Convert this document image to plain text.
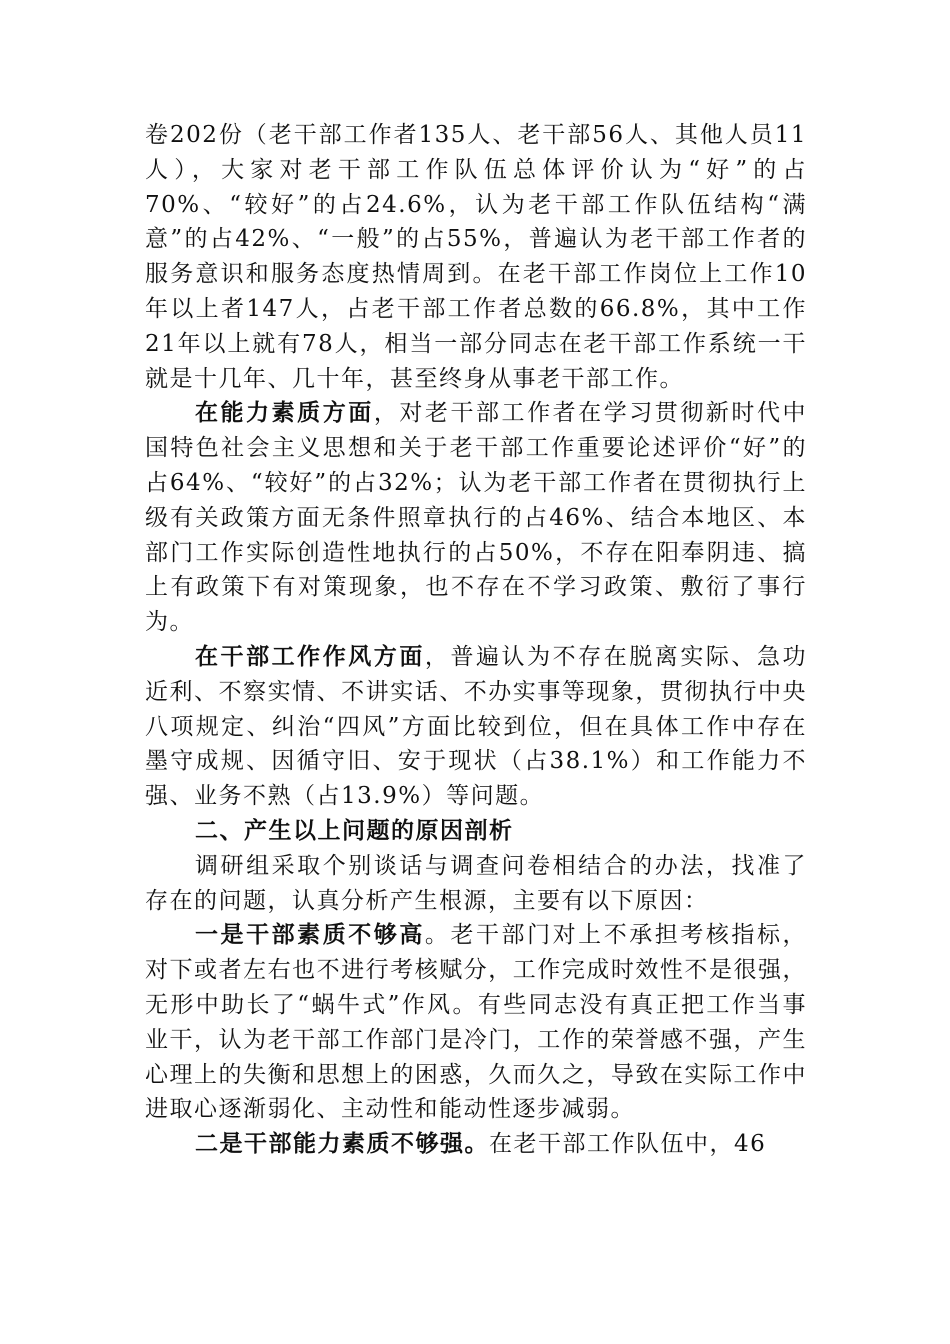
卷202份（老干部工作者135人、老干部56人、其他人员11人），大家对老干部工作队伍总体评价认为“好”的占70%、“较好”的占24.6%，认为老干部工作队伍结构“满意”的占42%、“一般”的占55%，普遍认为老干部工作者的服务意识和服务态度热情周到。在老干部工作岗位上工作10年以上者147人，占老干部工作者总数的66.8%，其中工作21年以上就有78人，相当一部分同志在老干部工作系统一干就是十几年、几十年，甚至终身从事老干部工作。

在能力素质方面，对老干部工作者在学习贯彻新时代中国特色社会主义思想和关于老干部工作重要论述评价“好”的占64%、“较好”的占32%；认为老干部工作者在贯彻执行上级有关政策方面无条件照章执行的占46%、结合本地区、本部门工作实际创造性地执行的占50%，不存在阳奉阴违、搞上有政策下有对策现象，也不存在不学习政策、敷衍了事行为。

在干部工作作风方面，普遍认为不存在脱离实际、急功近利、不察实情、不讲实话、不办实事等现象，贯彻执行中央八项规定、纠治“四风”方面比较到位，但在具体工作中存在墨守成规、因循守旧、安于现状（占38.1%）和工作能力不强、业务不熟（占13.9%）等问题。

二、产生以上问题的原因剖析

调研组采取个别谈话与调查问卷相结合的办法，找准了存在的问题，认真分析产生根源，主要有以下原因：

一是干部素质不够高。老干部门对上不承担考核指标，对下或者左右也不进行考核赋分，工作完成时效性不是很强，无形中助长了“蜗牛式”作风。有些同志没有真正把工作当事业干，认为老干部工作部门是冷门，工作的荣誉感不强，产生心理上的失衡和思想上的困惑，久而久之，导致在实际工作中进取心逐渐弱化、主动性和能动性逐步减弱。

二是干部能力素质不够强。在老干部工作队伍中，46
